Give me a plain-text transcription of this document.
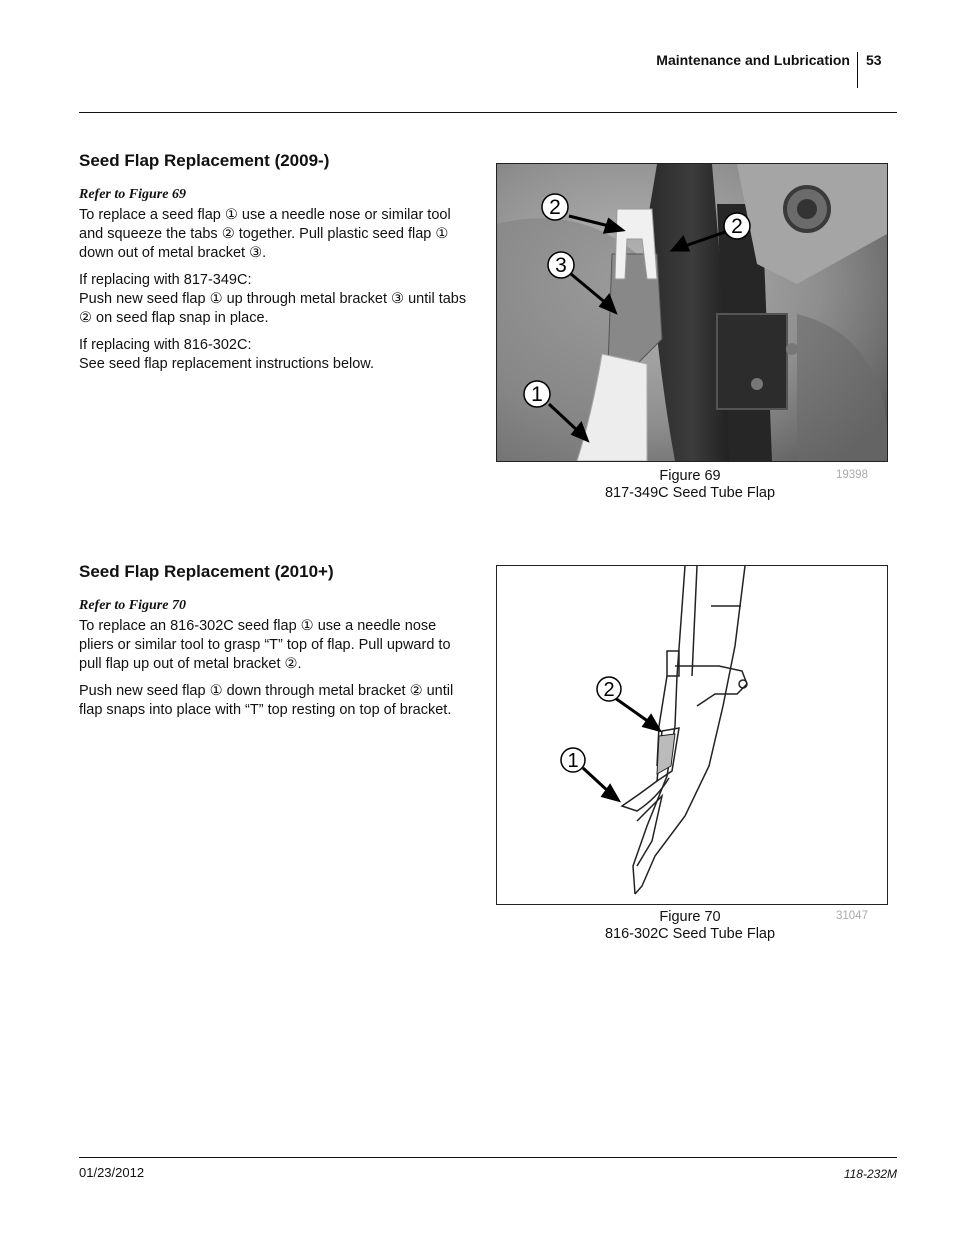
Maintenance and Lubrication 53
Seed Flap Replacement (2009-)
Refer to Figure 69

To replace a seed flap ① use a needle nose or similar tool and squeeze the tabs ② together. Pull plastic seed flap ① down out of metal bracket ③.

If replacing with 817-349C:
Push new seed flap ① up through metal bracket ③ until tabs ② on seed flap snap in place.

If replacing with 816-302C:
See seed flap replacement instructions below.

2
2
3
1
Figure 69
817-349C Seed Tube Flap
19398
Seed Flap Replacement (2010+)
Refer to Figure 70

To replace an 816-302C seed flap ① use a needle nose pliers or similar tool to grasp “T” top of flap. Pull upward to pull flap up out of metal bracket ②.

Push new seed flap ① down through metal bracket ② until flap snaps into place with “T” top resting on top of bracket.

2
1
Figure 70
816-302C Seed Tube Flap
31047
01/23/2012	118-232M
